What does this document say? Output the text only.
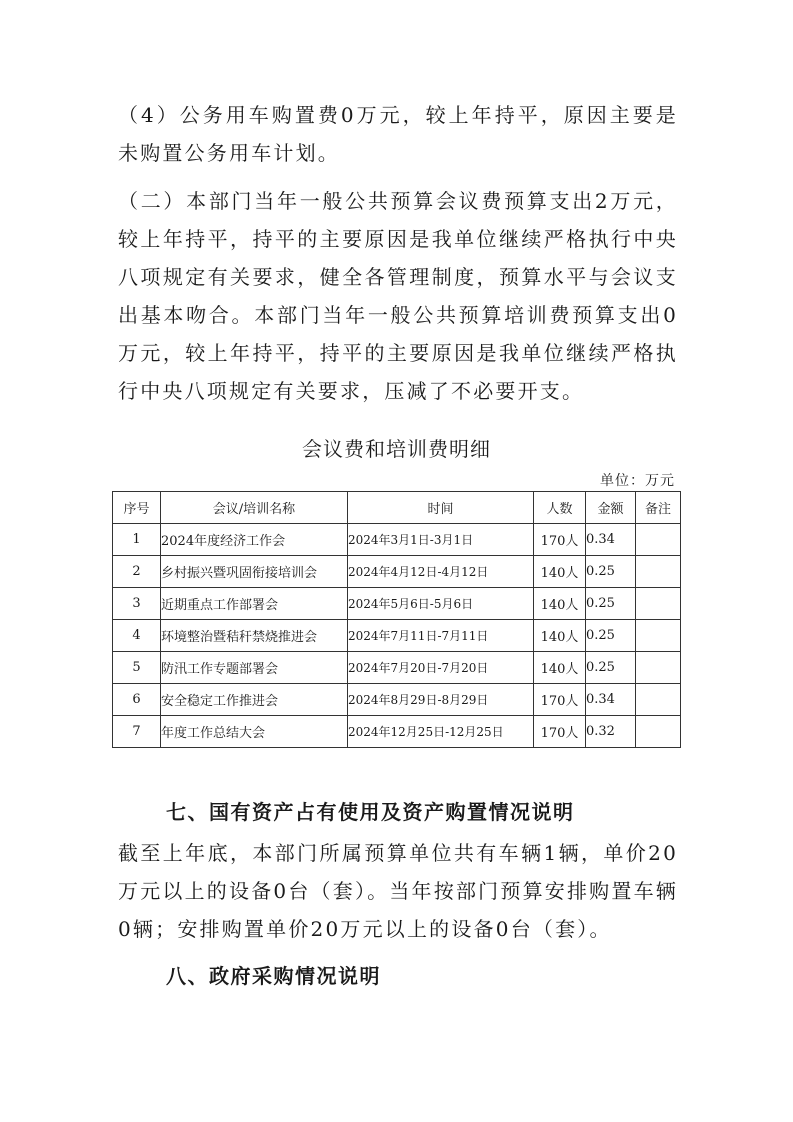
（4）公务用车购置费0万元，较上年持平，原因主要是未购置公务用车计划。

（二）本部门当年一般公共预算会议费预算支出2万元，较上年持平，持平的主要原因是我单位继续严格执行中央八项规定有关要求，健全各管理制度，预算水平与会议支出基本吻合。本部门当年一般公共预算培训费预算支出0万元，较上年持平，持平的主要原因是我单位继续严格执行中央八项规定有关要求，压减了不必要开支。

会议费和培训费明细
单位：万元
序号	会议/培训名称	时间	人数	金额	备注
1	2024年度经济工作会	2024年3月1日-3月1日	170人	0.34	
2	乡村振兴暨巩固衔接培训会	2024年4月12日-4月12日	140人	0.25	
3	近期重点工作部署会	2024年5月6日-5月6日	140人	0.25	
4	环境整治暨秸秆禁烧推进会	2024年7月11日-7月11日	140人	0.25	
5	防汛工作专题部署会	2024年7月20日-7月20日	140人	0.25	
6	安全稳定工作推进会	2024年8月29日-8月29日	170人	0.34	
7	年度工作总结大会	2024年12月25日-12月25日	170人	0.32	
七、国有资产占有使用及资产购置情况说明

截至上年底，本部门所属预算单位共有车辆1辆，单价20万元以上的设备0台（套）。当年按部门预算安排购置车辆0辆；安排购置单价20万元以上的设备0台（套）。

八、政府采购情况说明
